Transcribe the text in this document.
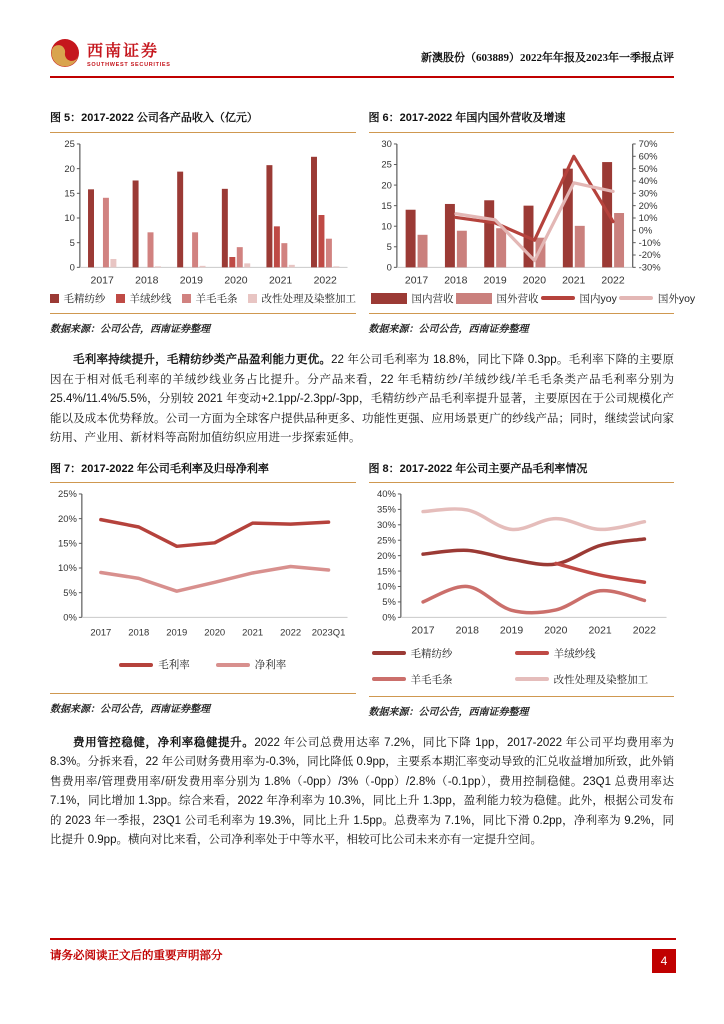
西南证券
SOUTHWEST SECURITIES
新澳股份（603889）2022年年报及2023年一季报点评
图 5：2017-2022 公司各产品收入（亿元）
0
5
10
15
20
25
2017 2018 2019 2020 2021 2022
毛精纺纱 羊绒纱线 羊毛毛条 改性处理及染整加工
数据来源：公司公告，西南证券整理
图 6：2017-2022 年国内国外营收及增速
0
5
10
15
20
25
30
-30%
-20%
-10%
0%
10%
20%
30%
40%
50%
60%
70%
2017 2018 2019 2020 2021 2022
国内营收	国外营收	国内yoy	国外yoy
数据来源：公司公告，西南证券整理

毛利率持续提升，毛精纺纱类产品盈利能力更优。22 年公司毛利率为 18.8%，同比下降 0.3pp。毛利率下降的主要原因在于相对低毛利率的羊绒纱线业务占比提升。分产品来看，22 年毛精纺纱/羊绒纱线/羊毛毛条类产品毛利率分别为 25.4%/11.4%/5.5%，分别较 2021 年变动+2.1pp/-2.3pp/-3pp，毛精纺纱产品毛利率提升显著，主要原因在于公司规模化产能以及成本优势释放。公司一方面为全球客户提供品种更多、功能性更强、应用场景更广的纱线产品；同时，继续尝试向家纺用、产业用、新材料等高附加值纺织应用进一步探索延伸。

图 7：2017-2022 年公司毛利率及归母净利率
0%
5%
10%
15%
20%
25%
2017 2018 2019 2020 2021 2022 2023Q1
毛利率	净利率
数据来源：公司公告，西南证券整理
图 8：2017-2022 年公司主要产品毛利率情况
0%
5%
10%
15%
20%
25%
30%
35%
40%
2017 2018 2019 2020 2021 2022
毛精纺纱	羊绒纱线
羊毛毛条	改性处理及染整加工
数据来源：公司公告，西南证券整理

费用管控稳健，净利率稳健提升。2022 年公司总费用达率 7.2%，同比下降 1pp，2017-2022 年公司平均费用率为 8.3%。分拆来看，22 年公司财务费用率为-0.3%，同比降低 0.9pp，主要系本期汇率变动导致的汇兑收益增加所致，此外销售费用率/管理费用率/研发费用率分别为 1.8%（-0pp）/3%（-0pp）/2.8%（-0.1pp），费用控制稳健。23Q1 总费用率达 7.1%，同比增加 1.3pp。综合来看，2022 年净利率为 10.3%，同比上升 1.3pp，盈利能力较为稳健。此外，根据公司发布的 2023 年一季报，23Q1 公司毛利率为 19.3%，同比上升 1.5pp。总费率为 7.1%，同比下滑 0.2pp，净利率为 9.2%，同比提升 0.9pp。横向对比来看，公司净利率处于中等水平，相较可比公司未来亦有一定提升空间。

请务必阅读正文后的重要声明部分	4
